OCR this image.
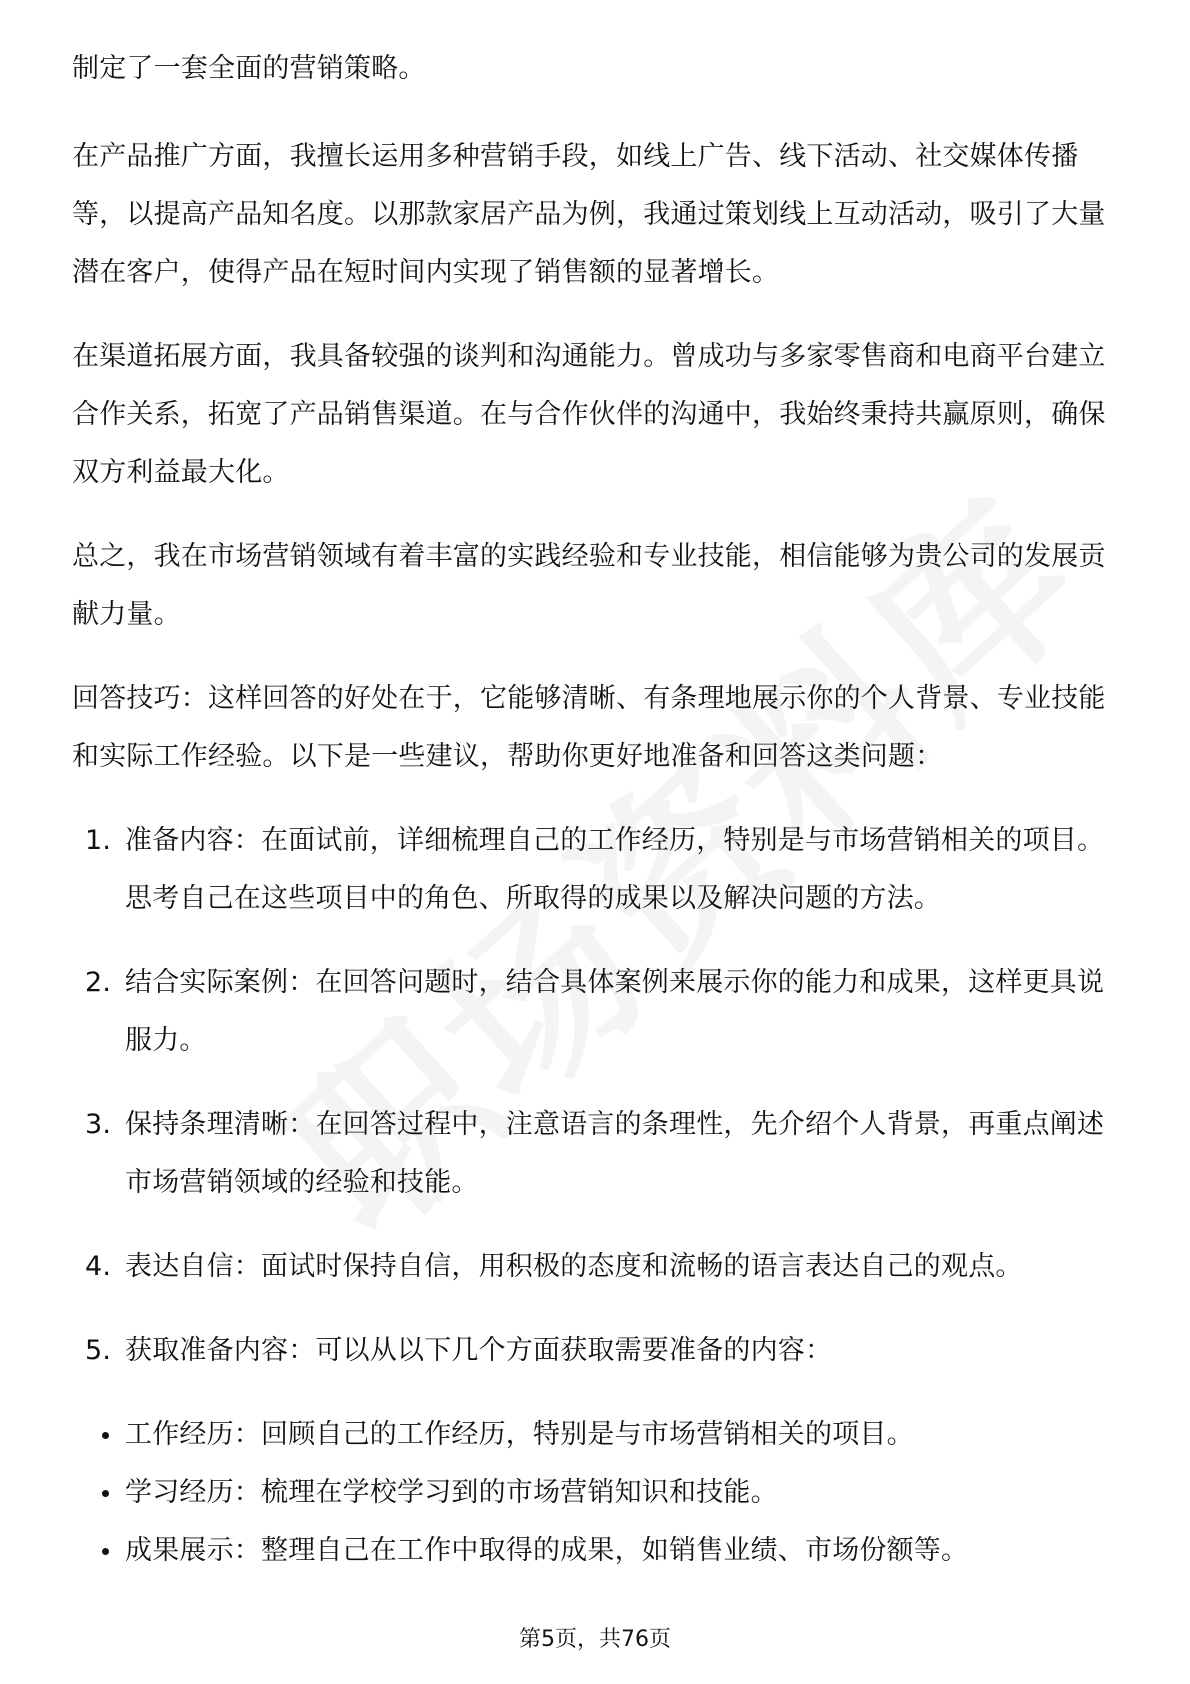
制定了一套全面的营销策略。

在产品推广方面，我擅长运用多种营销手段，如线上广告、线下活动、社交媒体传播等，以提高产品知名度。以那款家居产品为例，我通过策划线上互动活动，吸引了大量潜在客户，使得产品在短时间内实现了销售额的显著增长。

在渠道拓展方面，我具备较强的谈判和沟通能力。曾成功与多家零售商和电商平台建立合作关系，拓宽了产品销售渠道。在与合作伙伴的沟通中，我始终秉持共赢原则，确保双方利益最大化。

总之，我在市场营销领域有着丰富的实践经验和专业技能，相信能够为贵公司的发展贡献力量。

回答技巧：这样回答的好处在于，它能够清晰、有条理地展示你的个人背景、专业技能和实际工作经验。以下是一些建议，帮助你更好地准备和回答这类问题：

1. 准备内容：在面试前，详细梳理自己的工作经历，特别是与市场营销相关的项目。思考自己在这些项目中的角色、所取得的成果以及解决问题的方法。
2. 结合实际案例：在回答问题时，结合具体案例来展示你的能力和成果，这样更具说服力。
3. 保持条理清晰：在回答过程中，注意语言的条理性，先介绍个人背景，再重点阐述市场营销领域的经验和技能。
4. 表达自信：面试时保持自信，用积极的态度和流畅的语言表达自己的观点。
5. 获取准备内容：可以从以下几个方面获取需要准备的内容：
工作经历：回顾自己的工作经历，特别是与市场营销相关的项目。
学习经历：梳理在学校学习到的市场营销知识和技能。
成果展示：整理自己在工作中取得的成果，如销售业绩、市场份额等。
第5页，共76页
